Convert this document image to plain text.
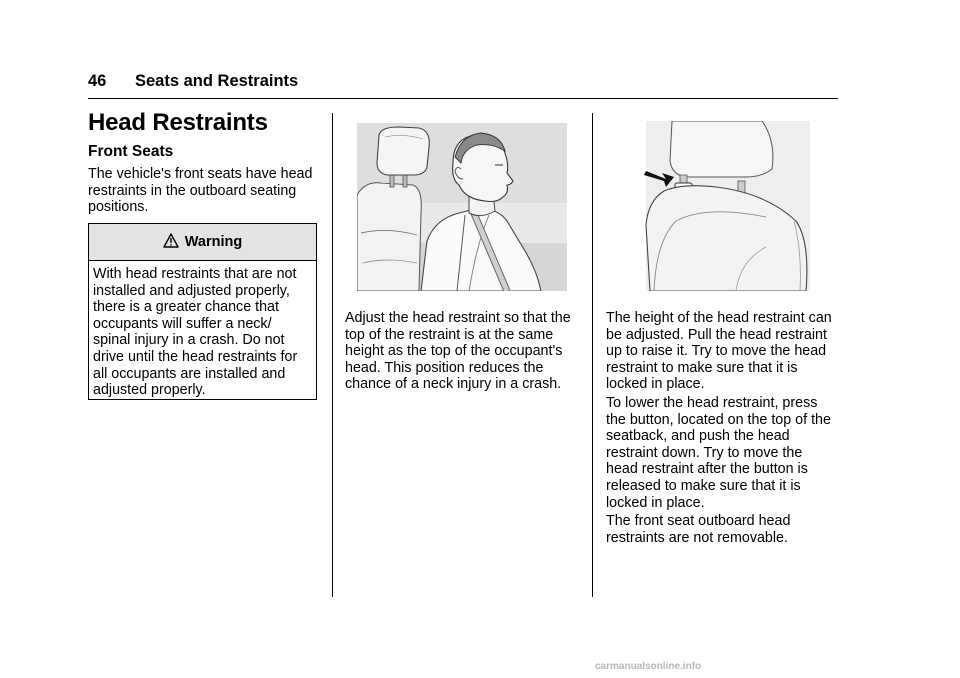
46 Seats and Restraints
Head Restraints
Front Seats
The vehicle's front seats have head
restraints in the outboard seating
positions.
Warning
With head restraints that are not
installed and adjusted properly,
there is a greater chance that
occupants will suffer a neck/
spinal injury in a crash. Do not
drive until the head restraints for
all occupants are installed and
adjusted properly.
Adjust the head restraint so that the
top of the restraint is at the same
height as the top of the occupant's
head. This position reduces the
chance of a neck injury in a crash.
The height of the head restraint can
be adjusted. Pull the head restraint
up to raise it. Try to move the head
restraint to make sure that it is
locked in place.
To lower the head restraint, press
the button, located on the top of the
seatback, and push the head
restraint down. Try to move the
head restraint after the button is
released to make sure that it is
locked in place.
The front seat outboard head
restraints are not removable.
carmanualsonline.info
